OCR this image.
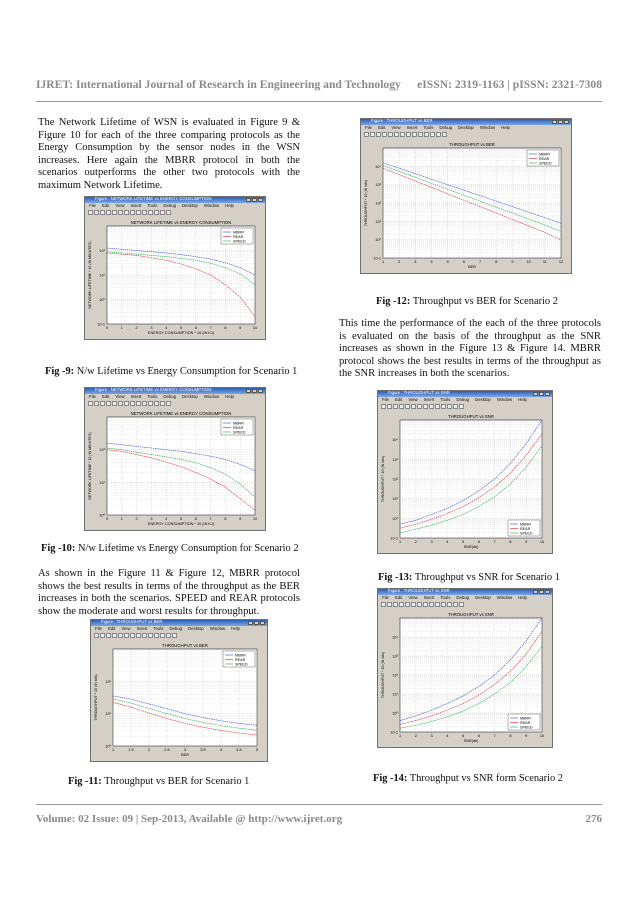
IJRET: International Journal of Research in Engineering and Technology eISSN: 2319-1163 | pISSN: 2321-7308
The Network Lifetime of WSN is evaluated in Figure 9 & Figure 10 for each of the three comparing protocols as the Energy Consumption by the sensor nodes in the WSN increases. Here again the MBRR protocol in both the scenarios outperforms the other two protocols with the maximum Network Lifetime.
As shown in the Figure 11 & Figure 12, MBRR protocol shows the best results in terms of the throughput as the BER increases in both the scenarios. SPEED and REAR protocols show the moderate and worst results for throughput.
This time the performance of the each of the three protocols is evaluated on the basis of the throughput as the SNR increases as shown in the Figure 13 & Figure 14. MBRR protocol shows the best results in terms of the throughput as the SNR increases in both the scenarios.
Figure : NETWORK LIFETIME vs ENERGY CONSUMPTION
File Edit View Insert Tools Debug Desktop Window Help
NETWORK LIFETIME vs ENERGY CONSUMPTION
0	1	2	3	4	5	6	7	8	9	10
10-1
10⁰
10¹
10²
ENERGY CONSUMPTION * 10 (IN KJ)
NETWORK LIFETIME * 10 (IN MINUTES)
MBRR
REAR
SPEED
Figure : NETWORK LIFETIME vs ENERGY CONSUMPTION
File Edit View Insert Tools Debug Desktop Window Help
NETWORK LIFETIME vs ENERGY CONSUMPTION
0	1	2	3	4	5	6	7	8	9	10
10⁰
10¹
10²
ENERGY CONSUMPTION * 10 (IN KJ)
NETWORK LIFETIME * 10 (IN MINUTES)
MBRR
REAR
SPEED
Figure : THROUGHPUT vs BER
File Edit View Insert Tools Debug Desktop Window Help
THROUGHPUT vs BER
1	1.5	2	2.5	3	3.5	4	4.5	5
10⁰
10¹
10²
BER
THROUGHPUT * 10 (IN bits)
MBRR
REAR
SPEED
Figure : THROUGHPUT vs BER
File Edit View Insert Tools Debug Desktop Window Help
THROUGHPUT vs BER
1	2	3	4	5	6	7	8	9	10	11	12
10-1
10⁰
10¹
10²
10³
10⁴
BER
THROUGHPUT * 10 (IN bits)
MBRR
REAR
SPEED
Figure : THROUGHPUT vs SNR
File Edit View Insert Tools Debug Desktop Window Help
THROUGHPUT vs SNR
1	2	3	4	5	6	7	8	9	10
10-1
10⁰
10¹
10²
10³
10⁴
SNR(db)
THROUGHPUT * 10 (IN bits)
MBRR
REAR
SPEED
Figure : THROUGHPUT vs SNR
File Edit View Insert Tools Debug Desktop Window Help
THROUGHPUT vs SNR
1	2	3	4	5	6	7	8	9	10
10-1
10⁰
10¹
10²
10³
10⁴
SNR(db)
THROUGHPUT * 10 (IN bits)
MBRR
REAR
SPEED
Fig -9: N/w Lifetime vs Energy Consumption for Scenario 1
Fig -10: N/w Lifetime vs Energy Consumption for Scenario 2
Fig -11: Throughput vs BER for Scenario 1
Fig -12: Throughput vs BER for Scenario 2
Fig -13: Throughput vs SNR for Scenario 1
Fig -14: Throughput vs SNR form Scenario 2
Volume: 02 Issue: 09 | Sep-2013, Available @ http://www.ijret.org	276
